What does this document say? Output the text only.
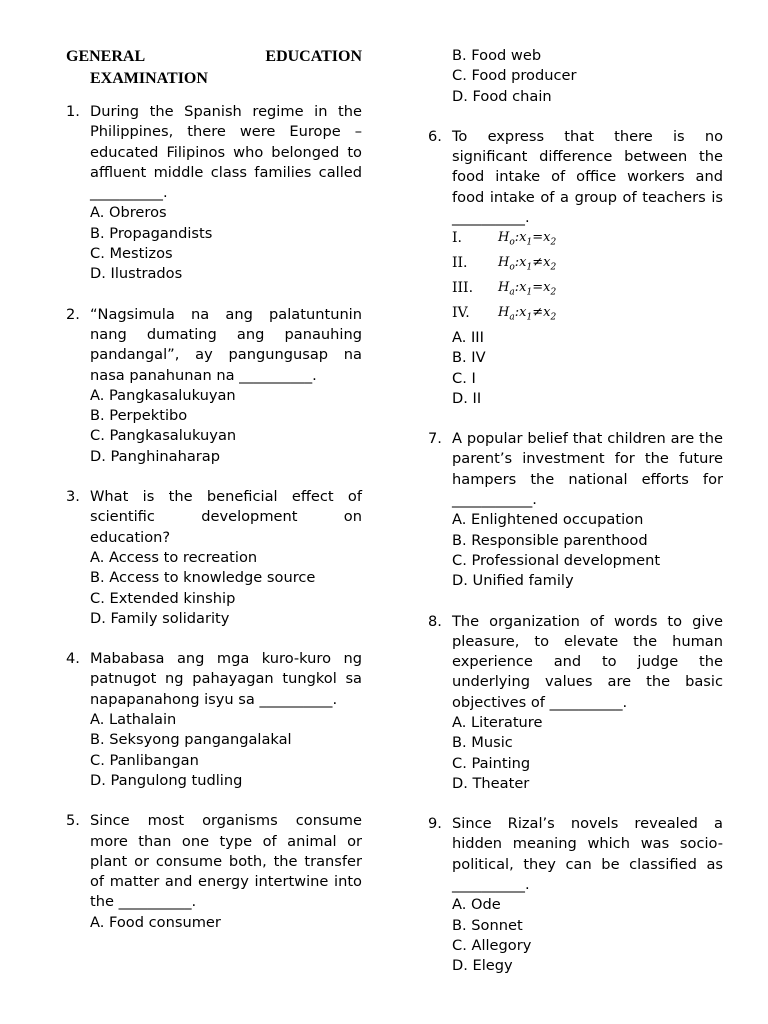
GENERAL	EDUCATION
EXAMINATION
1. During the Spanish regime in the Philippines, there were Europe – educated Filipinos who belonged to affluent middle class families called __________.
A. Obreros
B. Propagandists
C. Mestizos
D. Ilustrados
2. “Nagsimula na ang palatuntunin nang dumating ang panauhing pandangal”, ay pangungusap na nasa panahunan na __________.
A. Pangkasalukuyan
B. Perpektibo
C. Pangkasalukuyan
D. Panghinaharap
3. What is the beneficial effect of scientific development on education?
A. Access to recreation
B. Access to knowledge source
C. Extended kinship
D. Family solidarity
4. Mababasa ang mga kuro-kuro ng patnugot ng pahayagan tungkol sa napapanahong isyu sa __________.
A. Lathalain
B. Seksyong pangangalakal
C. Panlibangan
D. Pangulong tudling
5. Since most organisms consume more than one type of animal or plant or consume both, the transfer of matter and energy intertwine into the __________.
A. Food consumer
B. Food web
C. Food producer
D. Food chain
6. To express that there is no significant difference between the food intake of office workers and food intake of a group of teachers is __________.
I.	$H_o:x_1=x_2$
II.	$H_o:x_1\ne x_2$
III.	$H_a:x_1=x_2$
IV.	$H_a:x_1\ne x_2$
A. III
B. IV
C. I
D. II
7. A popular belief that children are the parent’s investment for the future hampers the national efforts for ___________.
A. Enlightened occupation
B. Responsible parenthood
C. Professional development
D. Unified family
8. The organization of words to give pleasure, to elevate the human experience and to judge the underlying values are the basic objectives of __________.
A. Literature
B. Music
C. Painting
D. Theater
9. Since Rizal’s novels revealed a hidden meaning which was socio-political, they can be classified as __________.
A. Ode
B. Sonnet
C. Allegory
D. Elegy
